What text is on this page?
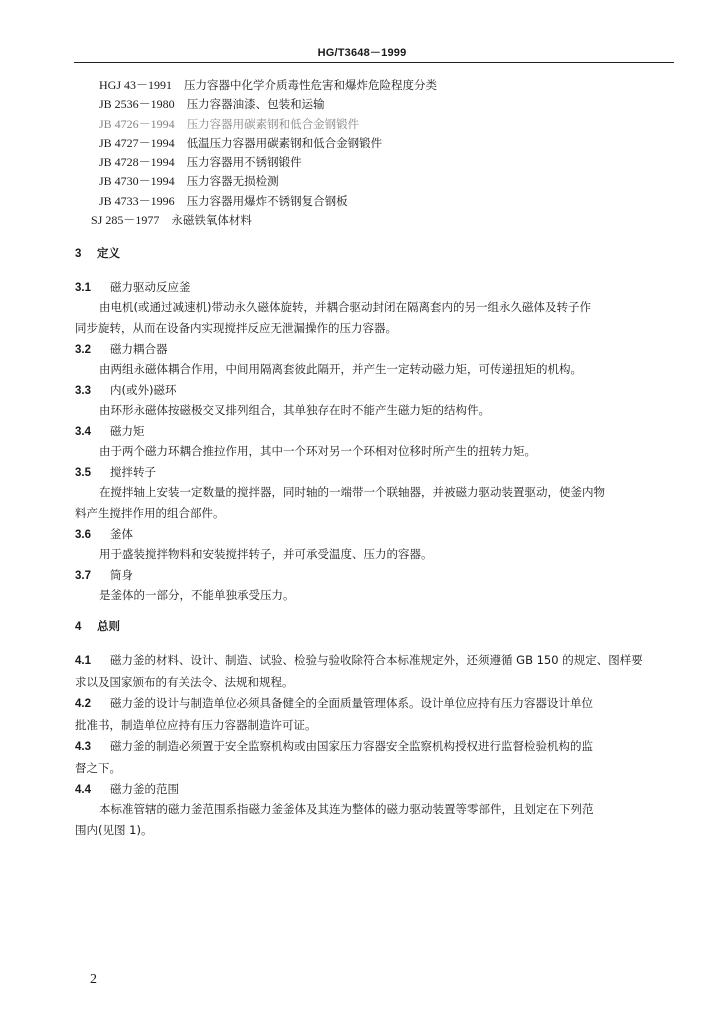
HG/T3648－1999
HGJ 43－1991 压力容器中化学介质毒性危害和爆炸危险程度分类
JB 2536－1980 压力容器油漆、包装和运输
JB 4726－1994 压力容器用碳素钢和低合金钢锻件
JB 4727－1994 低温压力容器用碳素钢和低合金钢锻件
JB 4728－1994 压力容器用不锈钢锻件
JB 4730－1994 压力容器无损检测
JB 4733－1996 压力容器用爆炸不锈钢复合钢板
SJ 285－1977 永磁铁氧体材料
3 定义
3.1 磁力驱动反应釜
由电机(或通过减速机)带动永久磁体旋转，并耦合驱动封闭在隔离套内的另一组永久磁体及转子作
同步旋转，从而在设备内实现搅拌反应无泄漏操作的压力容器。
3.2 磁力耦合器
由两组永磁体耦合作用，中间用隔离套彼此隔开，并产生一定转动磁力矩，可传递扭矩的机构。
3.3 内(或外)磁环
由环形永磁体按磁极交叉排列组合，其单独存在时不能产生磁力矩的结构件。
3.4 磁力矩
由于两个磁力环耦合推拉作用，其中一个环对另一个环相对位移时所产生的扭转力矩。
3.5 搅拌转子
在搅拌轴上安装一定数量的搅拌器，同时轴的一端带一个联轴器，并被磁力驱动装置驱动，使釜内物
料产生搅拌作用的组合部件。
3.6 釜体
用于盛装搅拌物料和安装搅拌转子，并可承受温度、压力的容器。
3.7 筒身
是釜体的一部分，不能单独承受压力。
4 总则
4.1 磁力釜的材料、设计、制造、试验、检验与验收除符合本标准规定外，还须遵循 GB 150 的规定、图样要
求以及国家颁布的有关法令、法规和规程。
4.2 磁力釜的设计与制造单位必须具备健全的全面质量管理体系。设计单位应持有压力容器设计单位
批准书，制造单位应持有压力容器制造许可证。
4.3 磁力釜的制造必须置于安全监察机构或由国家压力容器安全监察机构授权进行监督检验机构的监
督之下。
4.4 磁力釜的范围
本标准管辖的磁力釜范围系指磁力釜釜体及其连为整体的磁力驱动装置等零部件，且划定在下列范
围内(见图 1)。
2
